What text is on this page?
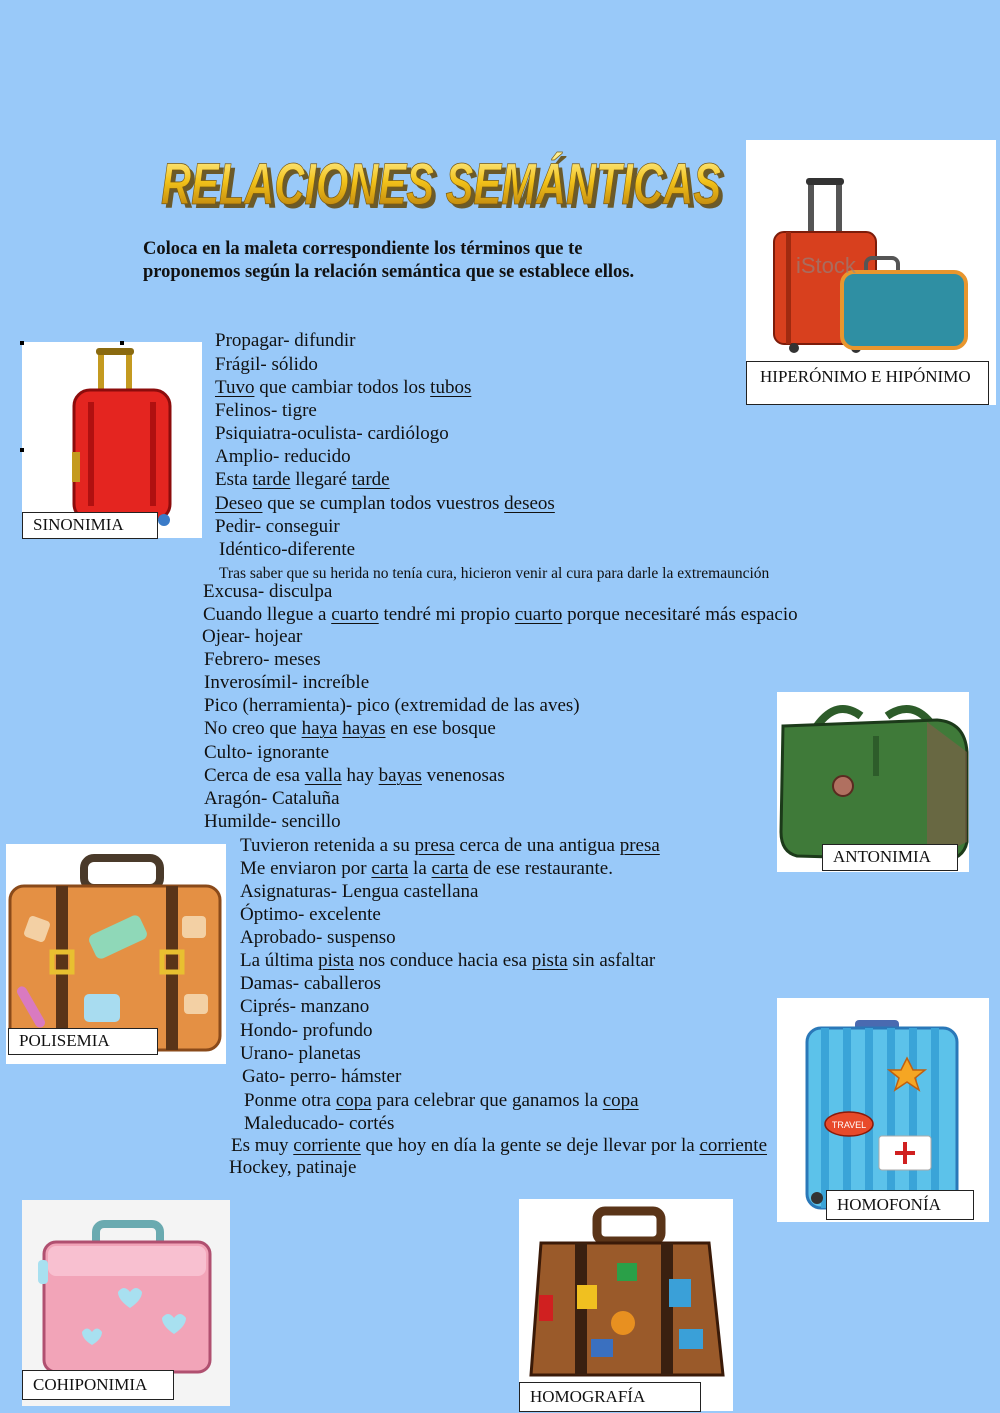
RELACIONES SEMÁNTICAS
RELACIONES SEMÁNTICAS
Coloca en la maleta correspondiente los términos que te
proponemos según la relación semántica que se establece ellos.
SINONIMIA
iStock
HIPERÓNIMO E HIPÓNIMO
ANTONIMIA
POLISEMIA
TRAVEL
HOMOFONÍA
COHIPONIMIA
HOMOGRAFÍA
Propagar- difundir
Frágil- sólido
Tuvo que cambiar todos los tubos
Felinos- tigre
Psiquiatra-oculista- cardiólogo
Amplio- reducido
Esta tarde llegaré tarde
Deseo que se cumplan todos vuestros deseos
Pedir- conseguir
Idéntico-diferente
Tras saber que su herida no tenía cura, hicieron venir al cura para darle la extremaunción
Excusa- disculpa
Cuando llegue a cuarto tendré mi propio cuarto porque necesitaré más espacio
Ojear- hojear
Febrero- meses
Inverosímil- increíble
Pico (herramienta)- pico (extremidad de las aves)
No creo que haya hayas en ese bosque
Culto- ignorante
Cerca de esa valla hay bayas venenosas
Aragón- Cataluña
Humilde- sencillo
Tuvieron retenida a su presa cerca de una antigua presa
Me enviaron por carta la carta de ese restaurante.
Asignaturas- Lengua castellana
Óptimo- excelente
Aprobado- suspenso
La última pista nos conduce hacia esa pista sin asfaltar
Damas- caballeros
Ciprés- manzano
Hondo- profundo
Urano- planetas
Gato- perro- hámster
Ponme otra copa para celebrar que ganamos la copa
Maleducado- cortés
Es muy corriente que hoy en día la gente se deje llevar por la corriente
Hockey, patinaje
